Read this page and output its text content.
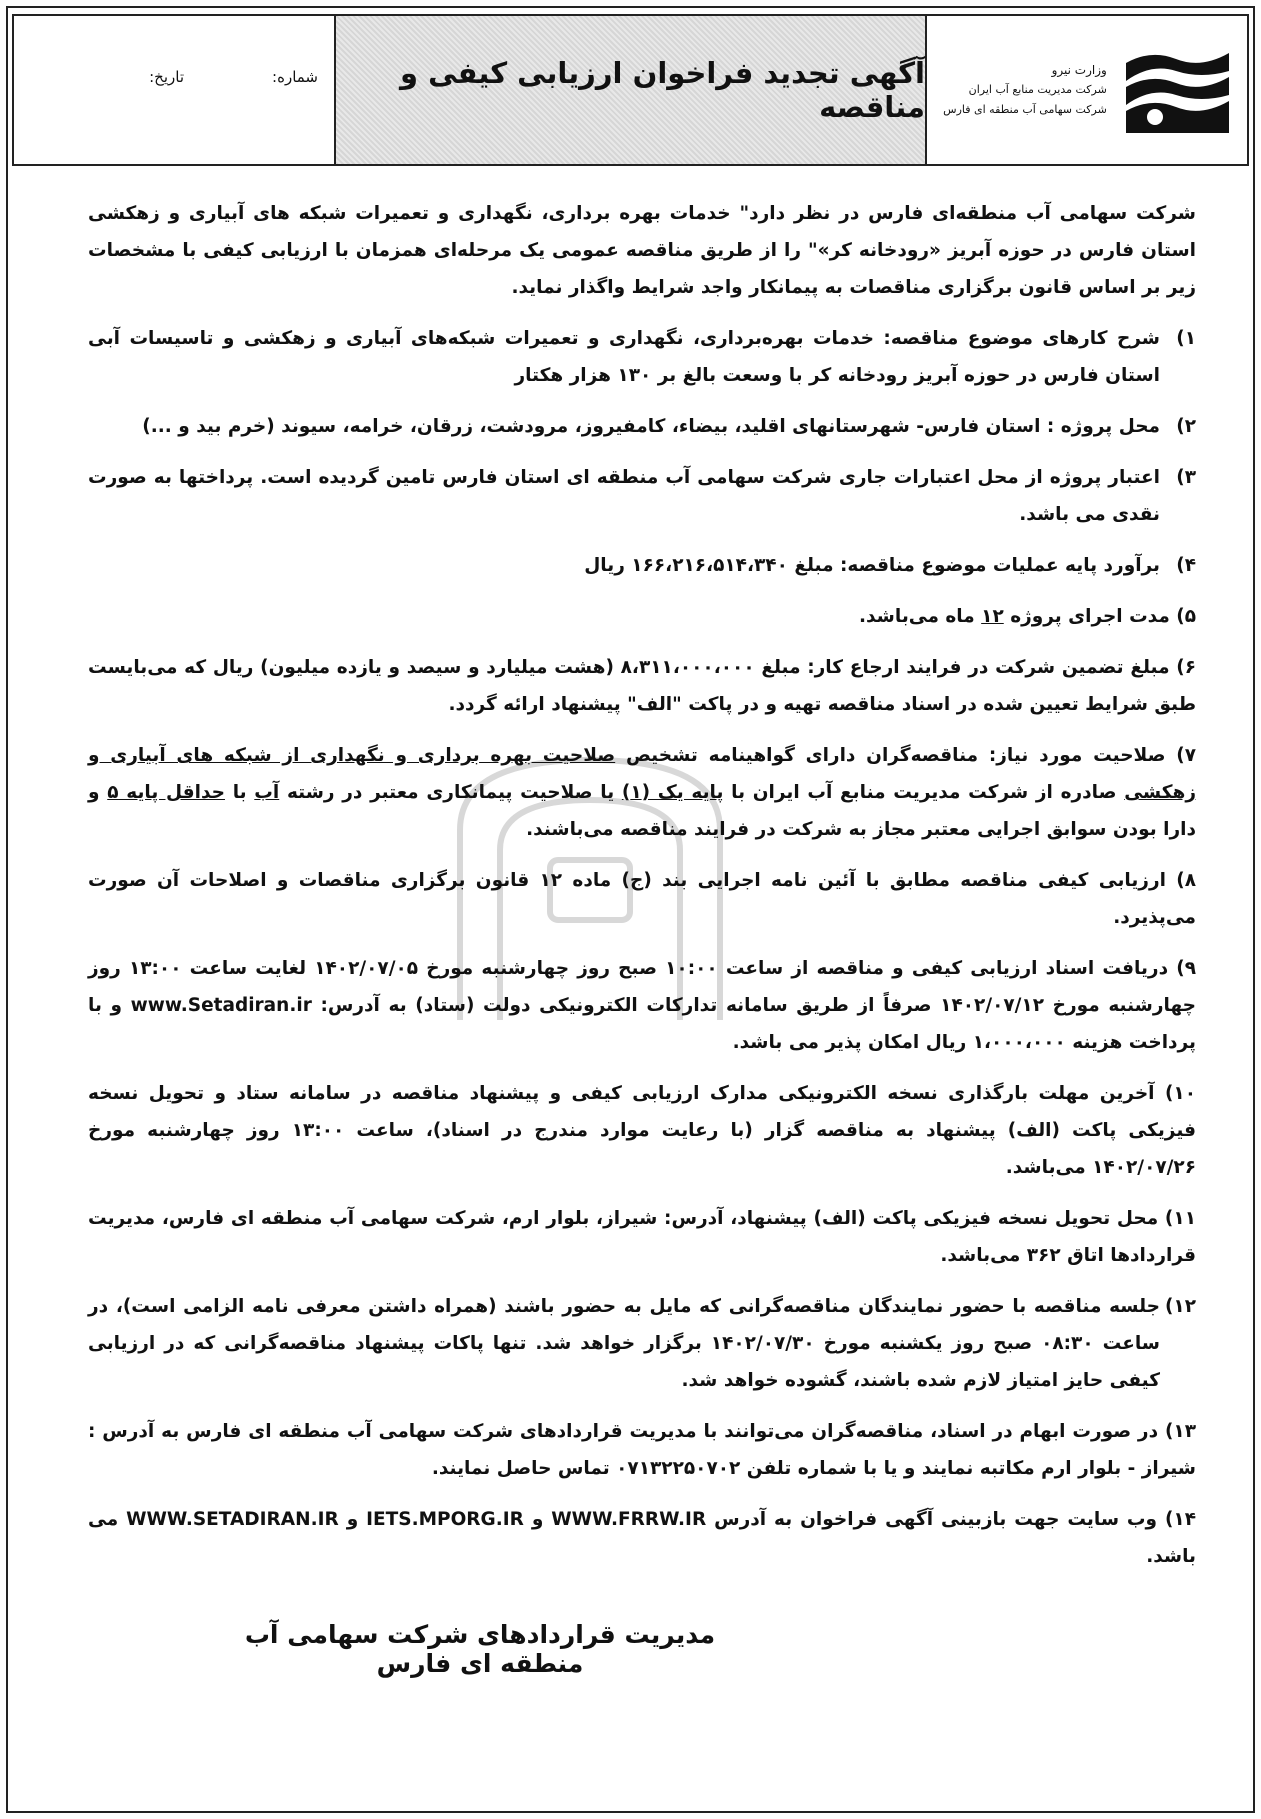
شماره:
تاریخ:	آگهی تجدید فراخوان ارزیابی کیفی و مناقصه
وزارت نیرو
شرکت مدیریت منابع آب ایران
شرکت سهامی آب منطقه ای فارس

شرکت سهامی آب منطقه‌ای فارس در نظر دارد" خدمات بهره برداری، نگهداری و تعمیرات شبکه های آبیاری و زهکشی استان فارس در حوزه آبریز «رودخانه کر»" را از طریق مناقصه عمومی یک مرحله‌ای همزمان با ارزیابی کیفی با مشخصات زیر بر اساس قانون برگزاری مناقصات به پیمانکار واجد شرایط واگذار نماید.

۱)
شرح کارهای موضوع مناقصه: خدمات بهره‌برداری، نگهداری و تعمیرات شبکه‌های آبیاری و زهکشی و تاسیسات آبی استان فارس در حوزه آبریز رودخانه کر با وسعت بالغ بر ۱۳۰ هزار هکتار
۲)
محل پروژه : استان فارس- شهرستانهای اقلید، بیضاء، کامفیروز، مرودشت، زرقان، خرامه، سیوند (خرم بید و ...)
۳)
اعتبار پروژه از محل اعتبارات جاری شرکت سهامی آب منطقه ای استان فارس تامین گردیده است. پرداختها به صورت نقدی می باشد.
۴)
برآورد پایه عملیات موضوع مناقصه: مبلغ ۱۶۶،۲۱۶،۵۱۴،۳۴۰ ریال

۵) مدت اجرای پروژه ۱۲ ماه می‌باشد.

۶) مبلغ تضمین شرکت در فرایند ارجاع کار: مبلغ ۸،۳۱۱،۰۰۰،۰۰۰ (هشت میلیارد و سیصد و یازده میلیون) ریال که می‌بایست طبق شرایط تعیین شده در اسناد مناقصه تهیه و در پاکت "الف" پیشنهاد ارائه گردد.

۷) صلاحیت مورد نیاز: مناقصه‌گران دارای گواهینامه تشخیص صلاحیت بهره برداری و نگهداری از شبکه های آبیاری و زهکشی صادره از شرکت مدیریت منابع آب ایران با پایه یک (۱) یا صلاحیت پیمانکاری معتبر در رشته آب با حداقل پایه ۵ و دارا بودن سوابق اجرایی معتبر مجاز به شرکت در فرایند مناقصه می‌باشند.

۸) ارزیابی کیفی مناقصه مطابق با آئین نامه اجرایی بند (ج) ماده ۱۲ قانون برگزاری مناقصات و اصلاحات آن صورت می‌پذیرد.

۹) دریافت اسناد ارزیابی کیفی و مناقصه از ساعت ۱۰:۰۰ صبح روز چهارشنبه مورخ ۱۴۰۲/۰۷/۰۵ لغایت ساعت ۱۳:۰۰ روز چهارشنبه مورخ ۱۴۰۲/۰۷/۱۲ صرفاً از طریق سامانه تدارکات الکترونیکی دولت (ستاد) به آدرس: www.Setadiran.ir و با پرداخت هزینه ۱،۰۰۰،۰۰۰ ریال امکان پذیر می باشد.

۱۰) آخرین مهلت بارگذاری نسخه الکترونیکی مدارک ارزیابی کیفی و پیشنهاد مناقصه در سامانه ستاد و تحویل نسخه فیزیکی پاکت (الف) پیشنهاد به مناقصه گزار (با رعایت موارد مندرج در اسناد)، ساعت ۱۳:۰۰ روز چهارشنبه مورخ ۱۴۰۲/۰۷/۲۶ می‌باشد.

۱۱) محل تحویل نسخه فیزیکی پاکت (الف) پیشنهاد، آدرس: شیراز، بلوار ارم، شرکت سهامی آب منطقه ای فارس، مدیریت قراردادها اتاق ۳۶۲ می‌باشد.

۱۲)
جلسه مناقصه با حضور نمایندگان مناقصه‌گرانی که مایل به حضور باشند (همراه داشتن معرفی نامه الزامی است)، در ساعت ۰۸:۳۰ صبح روز یکشنبه مورخ ۱۴۰۲/۰۷/۳۰ برگزار خواهد شد. تنها پاکات پیشنهاد مناقصه‌گرانی که در ارزیابی کیفی حایز امتیاز لازم شده باشند، گشوده خواهد شد.

۱۳) در صورت ابهام در اسناد، مناقصه‌گران می‌توانند با مدیریت قراردادهای شرکت سهامی آب منطقه ای فارس به آدرس : شیراز - بلوار ارم مکاتبه نمایند و یا با شماره تلفن ۰۷۱۳۲۲۵۰۷۰۲ تماس حاصل نمایند.

۱۴) وب سایت جهت بازبینی آگهی فراخوان به آدرس WWW.FRRW.IR و IETS.MPORG.IR و WWW.SETADIRAN.IR می باشد.

مدیریت قراردادهای شرکت سهامی آب منطقه ای فارس
